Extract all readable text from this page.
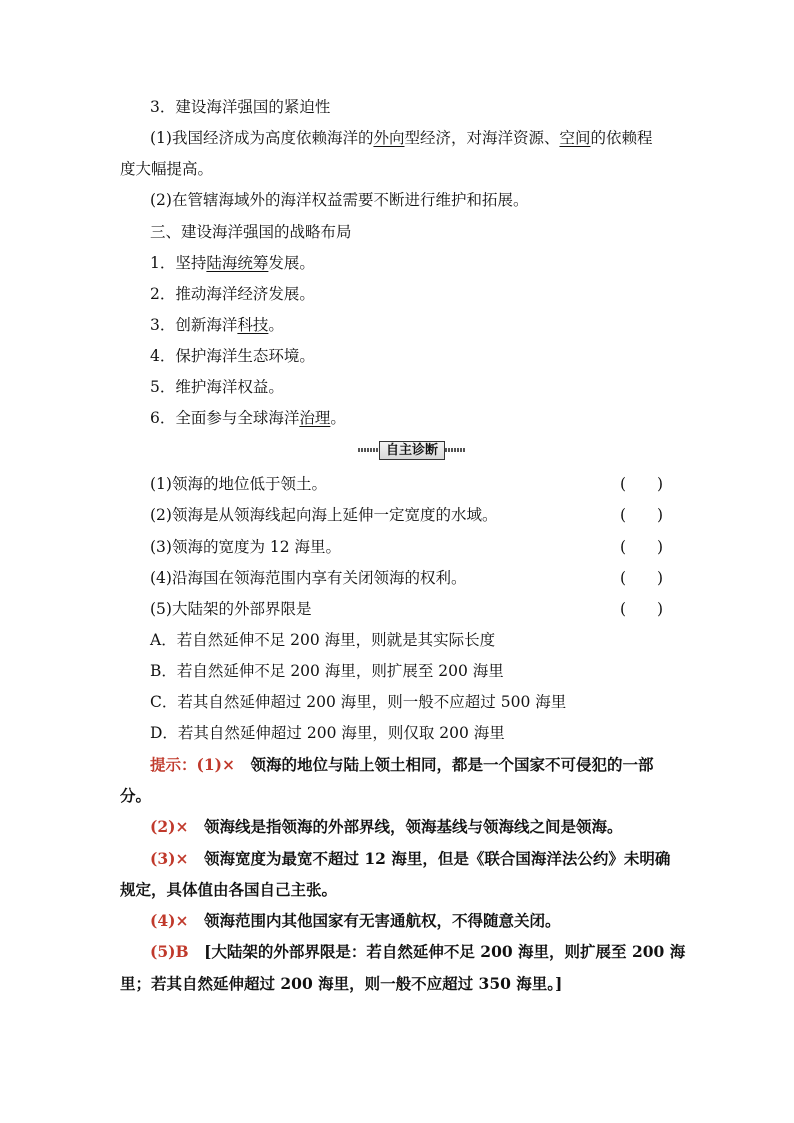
3．建设海洋强国的紧迫性
(1)我国经济成为高度依赖海洋的外向型经济，对海洋资源、空间的依赖程
度大幅提高。
(2)在管辖海域外的海洋权益需要不断进行维护和拓展。
三、建设海洋强国的战略布局
1．坚持陆海统筹发展。
2．推动海洋经济发展。
3．创新海洋科技。
4．保护海洋生态环境。
5．维护海洋权益。
6．全面参与全球海洋治理。
自主诊断
(1)领海的地位低于领土。	(　　)
(2)领海是从领海线起向海上延伸一定宽度的水域。	(　　)
(3)领海的宽度为 12 海里。	(　　)
(4)沿海国在领海范围内享有关闭领海的权利。	(　　)
(5)大陆架的外部界限是	(　　)
A．若自然延伸不足 200 海里，则就是其实际长度
B．若自然延伸不足 200 海里，则扩展至 200 海里
C．若其自然延伸超过 200 海里，则一般不应超过 500 海里
D．若其自然延伸超过 200 海里，则仅取 200 海里
提示：(1)×　领海的地位与陆上领土相同，都是一个国家不可侵犯的一部
分。
(2)×　领海线是指领海的外部界线，领海基线与领海线之间是领海。
(3)×　领海宽度为最宽不超过 12 海里，但是《联合国海洋法公约》未明确
规定，具体值由各国自己主张。
(4)×　领海范围内其他国家有无害通航权，不得随意关闭。
(5)B　[大陆架的外部界限是：若自然延伸不足 200 海里，则扩展至 200 海
里；若其自然延伸超过 200 海里，则一般不应超过 350 海里。]
